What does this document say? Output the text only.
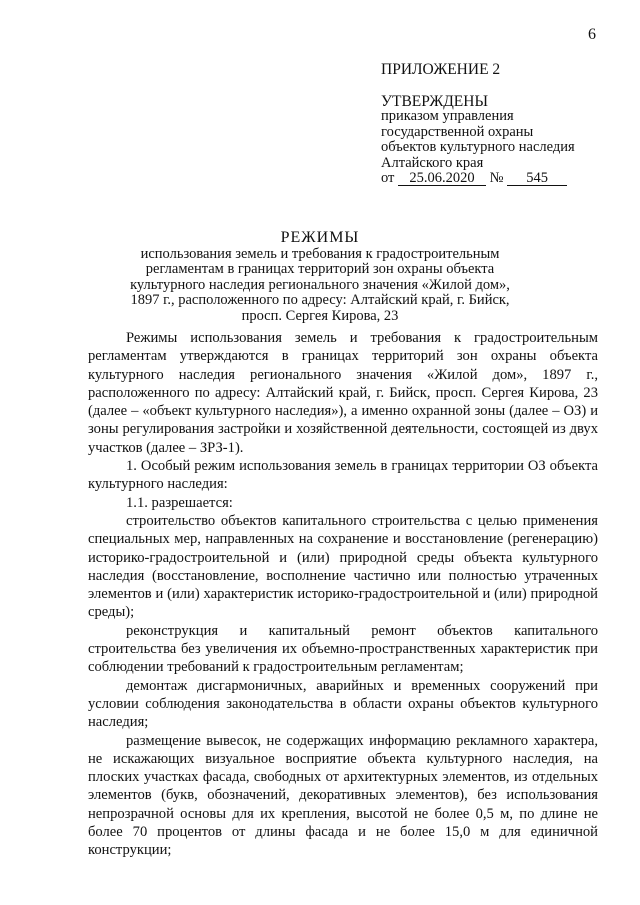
6
ПРИЛОЖЕНИЕ 2
УТВЕРЖДЕНЫ
приказом управления
государственной охраны
объектов культурного наследия
Алтайского края
от 25.06.2020 № 545
РЕЖИМЫ
использования земель и требования к градостроительным
регламентам в границах территорий зон охраны объекта
культурного наследия регионального значения «Жилой дом»,
1897 г., расположенного по адресу: Алтайский край, г. Бийск,
просп. Сергея Кирова, 23

Режимы использования земель и требования к градостроительным регламентам утверждаются в границах территорий зон охраны объекта культурного наследия регионального значения «Жилой дом», 1897 г., расположенного по адресу: Алтайский край, г. Бийск, просп. Сергея Кирова, 23 (далее – «объект культурного наследия»), а именно охранной зоны (далее – ОЗ) и зоны регулирования застройки и хозяйственной деятельности, состоящей из двух участков (далее – ЗРЗ-1).

1. Особый режим использования земель в границах территории ОЗ объекта культурного наследия:

1.1. разрешается:

строительство объектов капитального строительства с целью применения специальных мер, направленных на сохранение и восстановление (регенерацию) историко-градостроительной и (или) природной среды объекта культурного наследия (восстановление, восполнение частично или полностью утраченных элементов и (или) характеристик историко-градостроительной и (или) природной среды);

реконструкция и капитальный ремонт объектов капитального строительства без увеличения их объемно-пространственных характеристик при соблюдении требований к градостроительным регламентам;

демонтаж дисгармоничных, аварийных и временных сооружений при условии соблюдения законодательства в области охраны объектов культурного наследия;

размещение вывесок, не содержащих информацию рекламного характера, не искажающих визуальное восприятие объекта культурного наследия, на плоских участках фасада, свободных от архитектурных элементов, из отдельных элементов (букв, обозначений, декоративных элементов), без использования непрозрачной основы для их крепления, высотой не более 0,5 м, по длине не более 70 процентов от длины фасада и не более 15,0 м для единичной конструкции;
